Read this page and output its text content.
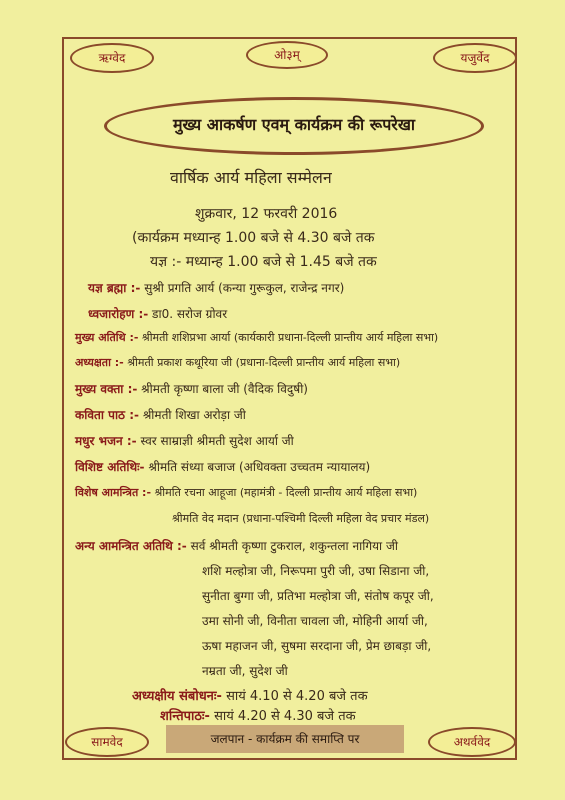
ऋग्वेद	ओ३म्	यजुर्वेद
मुख्य आकर्षण एवम् कार्यक्रम की रूपरेखा
वार्षिक आर्य महिला सम्मेलन
शुक्रवार, 12 फरवरी 2016
(कार्यक्रम मध्यान्ह 1.00 बजे से 4.30 बजे तक
यज्ञ :- मध्यान्ह 1.00 बजे से 1.45 बजे तक
यज्ञ ब्रह्मा :- सुश्री प्रगति आर्य (कन्या गुरूकुल, राजेन्द्र नगर)
ध्वजारोहण :- डा0. सरोज ग्रोवर
मुख्य अतिथि :- श्रीमती शशिप्रभा आर्या (कार्यकारी प्रधाना-दिल्ली प्रान्तीय आर्य महिला सभा)
अध्यक्षता :- श्रीमती प्रकाश कथूरिया जी (प्रधाना-दिल्ली प्रान्तीय आर्य महिला सभा)
मुख्य वक्ता :- श्रीमती कृष्णा बाला जी (वैदिक विदुषी)
कविता पाठ :- श्रीमती शिखा अरोड़ा जी
मधुर भजन :- स्वर साम्राज्ञी श्रीमती सुदेश आर्या जी
विशिष्ट अतिथिः- श्रीमति संध्या बजाज (अधिवक्ता उच्चतम न्यायालय)
विशेष आमन्त्रित :- श्रीमति रचना आहूजा (महामंत्री - दिल्ली प्रान्तीय आर्य महिला सभा)
श्रीमति वेद मदान (प्रधाना-पश्चिमी दिल्ली महिला वेद प्रचार मंडल)
अन्य आमन्त्रित अतिथि :- सर्व श्रीमती कृष्णा टुकराल, शकुन्तला नागिया जी
शशि मल्होत्रा जी, निरूपमा पुरी जी, उषा सिडाना जी,
सुनीता बुग्गा जी, प्रतिभा मल्होत्रा जी, संतोष कपूर जी,
उमा सोनी जी, विनीता चावला जी, मोहिनी आर्या जी,
ऊषा महाजन जी, सुषमा सरदाना जी, प्रेम छाबड़ा जी,
नम्रता जी, सुदेश जी
अध्यक्षीय संबोधनः- सायं 4.10 से 4.20 बजे तक
शन्तिपाठः- सायं 4.20 से 4.30 बजे तक
सामवेद	जलपान - कार्यक्रम की समाप्ति पर	अथर्ववेद
